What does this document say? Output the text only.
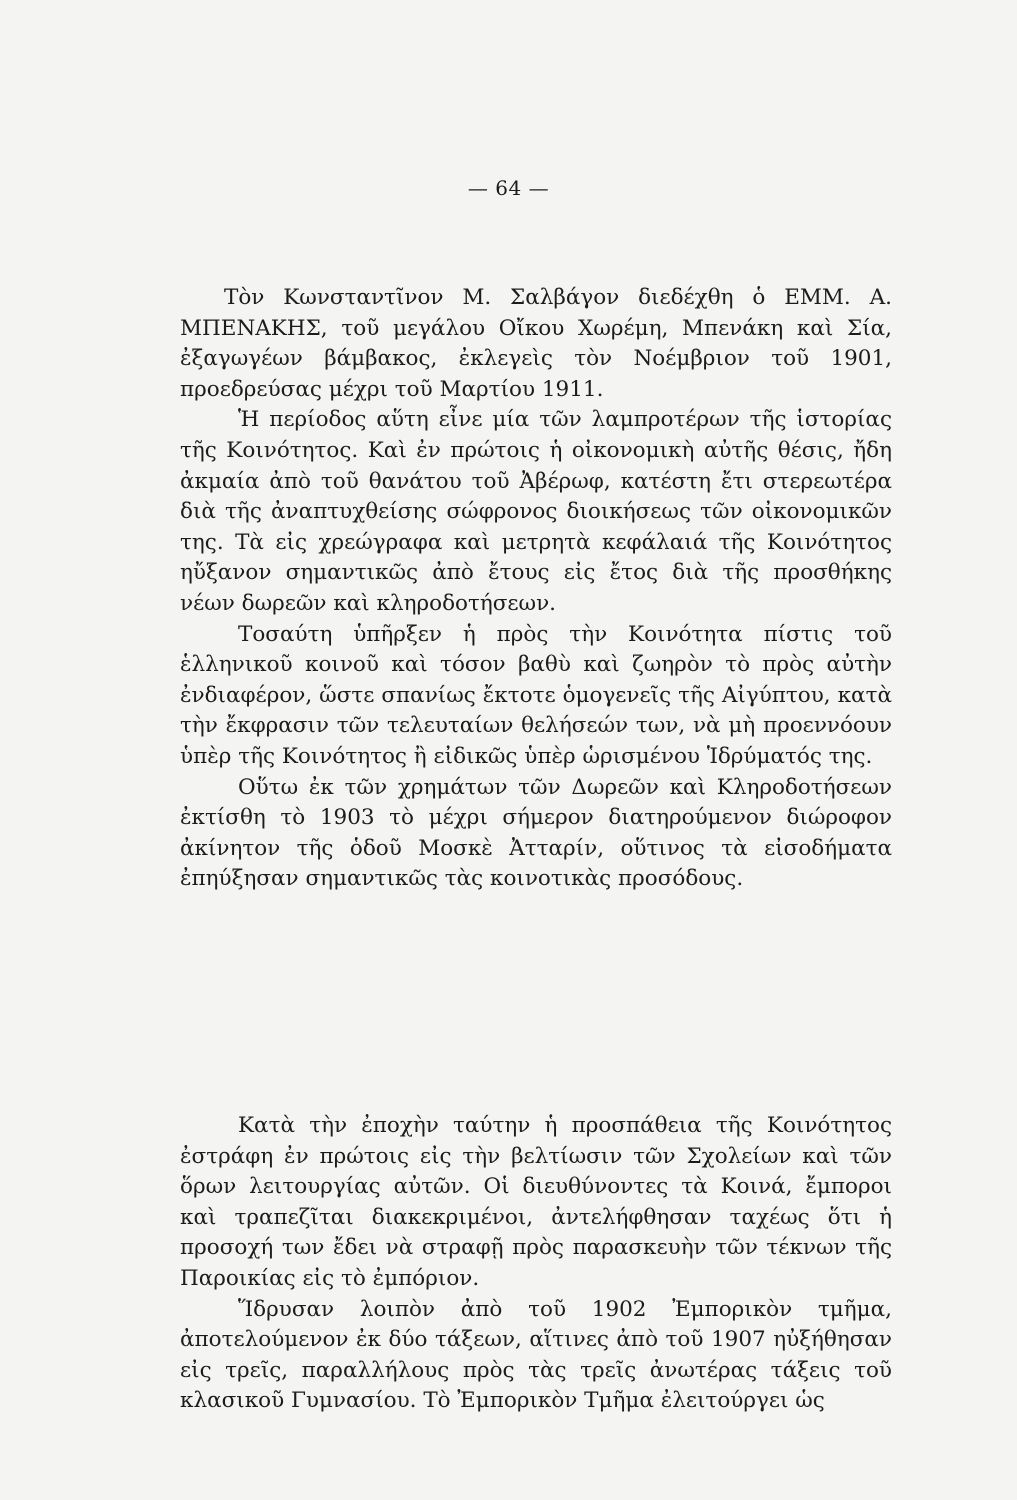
— 64 —

Τὸν Κωνσταντῖνον Μ. Σαλβάγον διεδέχθη ὁ ΕΜΜ. Α. ΜΠΕΝΑΚΗΣ, τοῦ μεγάλου Οἴκου Χωρέμη, Μπενάκη καὶ Σία, ἐξαγωγέων βάμβακος, ἐκλεγεὶς τὸν Νοέμβριον τοῦ 1901, προεδρεύσας μέχρι τοῦ Μαρτίου 1911.

Ἡ περίοδος αὕτη εἶνε μία τῶν λαμπροτέρων τῆς ἱστορίας τῆς Κοινότητος. Καὶ ἐν πρώτοις ἡ οἰκονομικὴ αὐτῆς θέσις, ἤδη ἀκμαία ἀπὸ τοῦ θανάτου τοῦ Ἀβέρωφ, κατέστη ἔτι στερεωτέρα διὰ τῆς ἀναπτυχθείσης σώφρονος διοικήσεως τῶν οἰκονομικῶν της. Τὰ εἰς χρεώγραφα καὶ μετρητὰ κεφάλαιά τῆς Κοινότητος ηὔξανον σημαντικῶς ἀπὸ ἔτους εἰς ἔτος διὰ τῆς προσθήκης νέων δωρεῶν καὶ κληροδοτήσεων.

Τοσαύτη ὑπῆρξεν ἡ πρὸς τὴν Κοινότητα πίστις τοῦ ἑλληνικοῦ κοινοῦ καὶ τόσον βαθὺ καὶ ζωηρὸν τὸ πρὸς αὐτὴν ἐνδιαφέρον, ὥστε σπανίως ἔκτοτε ὁμογενεῖς τῆς Αἰγύπτου, κατὰ τὴν ἔκφρασιν τῶν τελευταίων θελήσεών των, νὰ μὴ προεννόουν ὑπὲρ τῆς Κοινότητος ἢ εἰδικῶς ὑπὲρ ὡρισμένου Ἱδρύματός της.

Οὕτω ἐκ τῶν χρημάτων τῶν Δωρεῶν καὶ Κληροδοτήσεων ἐκτίσθη τὸ 1903 τὸ μέχρι σήμερον διατηρούμενον διώροφον ἀκίνητον τῆς ὁδοῦ Μοσκὲ Ἀτταρίν, οὕτινος τὰ εἰσοδήματα ἐπηύξησαν σημαντικῶς τὰς κοινοτικὰς προσόδους.

Κατὰ τὴν ἐποχὴν ταύτην ἡ προσπάθεια τῆς Κοινότητος ἐστράφη ἐν πρώτοις εἰς τὴν βελτίωσιν τῶν Σχολείων καὶ τῶν ὅρων λειτουργίας αὐτῶν. Οἱ διευθύνοντες τὰ Κοινά, ἔμποροι καὶ τραπεζῖται διακεκριμένοι, ἀντελήφθησαν ταχέως ὅτι ἡ προσοχή των ἔδει νὰ στραφῇ πρὸς παρασκευὴν τῶν τέκνων τῆς Παροικίας εἰς τὸ ἐμπόριον.

Ἵδρυσαν λοιπὸν ἀπὸ τοῦ 1902 Ἐμπορικὸν τμῆμα, ἀποτελούμενον ἐκ δύο τάξεων, αἵτινες ἀπὸ τοῦ 1907 ηὐξήθησαν εἰς τρεῖς, παραλλήλους πρὸς τὰς τρεῖς ἀνωτέρας τάξεις τοῦ κλασικοῦ Γυμνασίου. Τὸ Ἐμπορικὸν Τμῆμα ἐλειτούργει ὡς
